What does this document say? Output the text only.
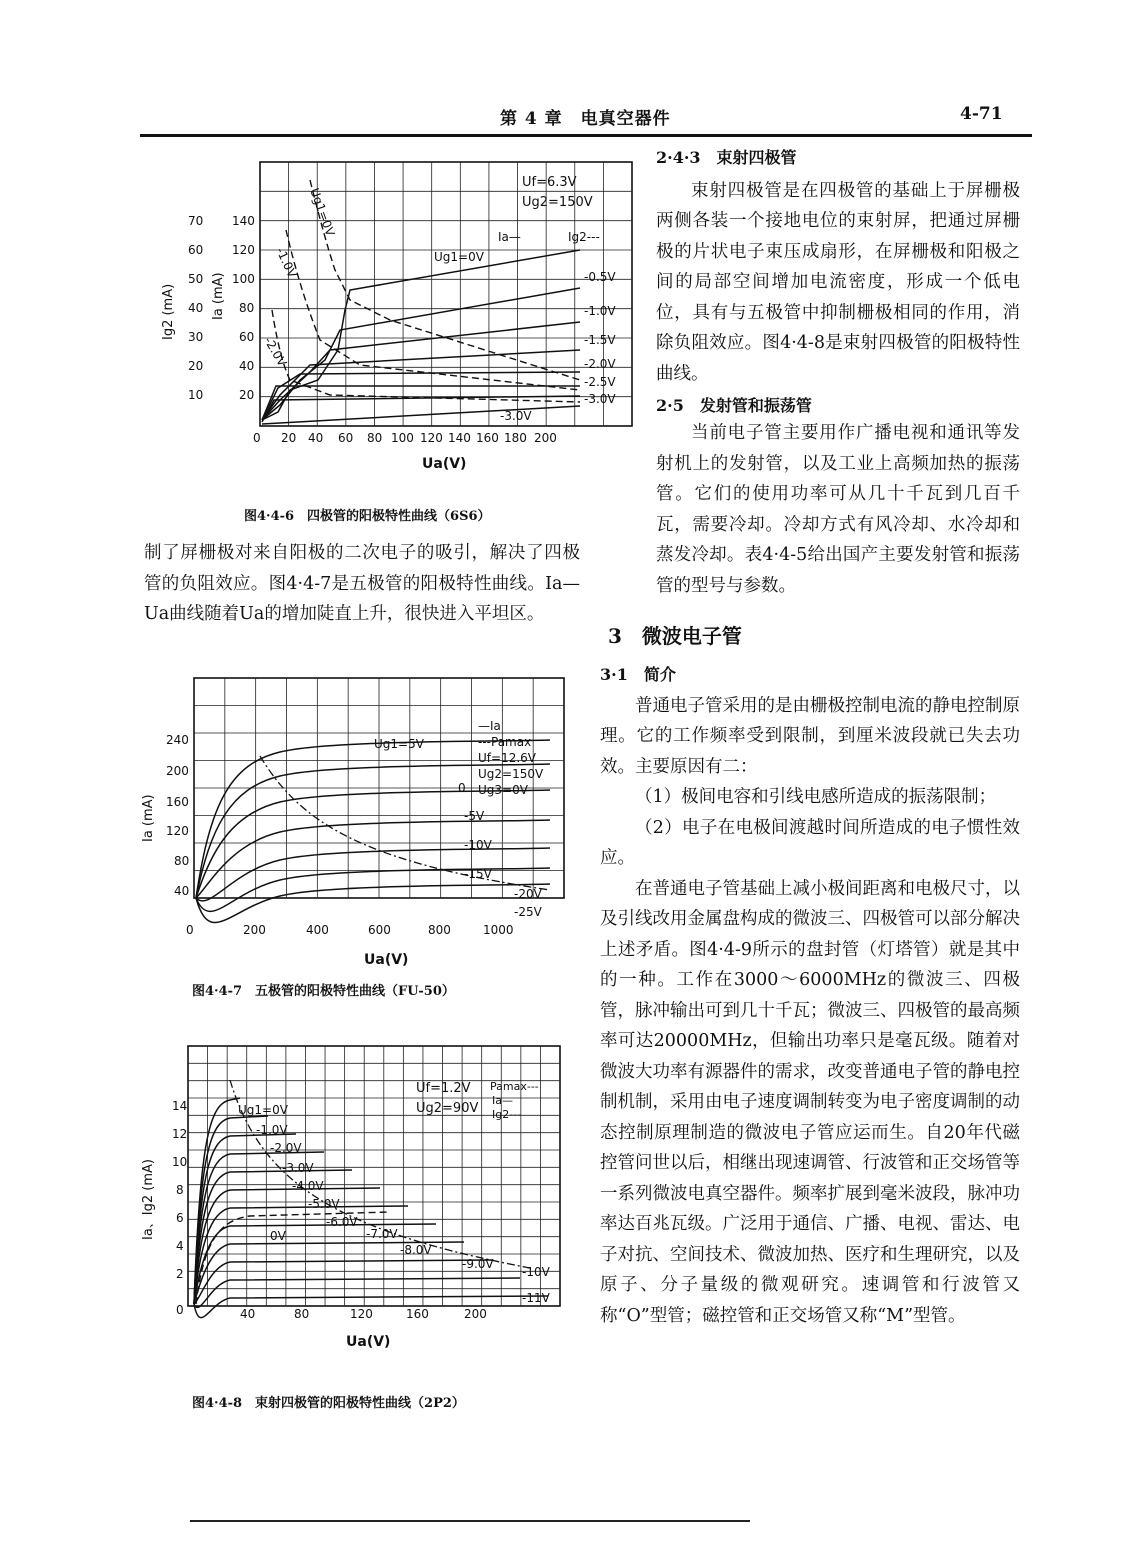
第 4 章　电真空器件	4-71
70
60
50
40
30
20
10
140
120
100
80
60
40
20
0 20 40 60 80 100 120 140 160 180 200
Ig2 (mA)	Ia (mA)
Ua(V)
Uf=6.3V
Ug2=150V
Ia—	Ig2---
Ug1=0V
-0.5V
-1.0V
-1.5V
-2.0V
-2.5V
-3.0V
-3.0V
Ug1=0V
-1.0V
-2.0V
图4·4-6　四极管的阳极特性曲线（6S6）

制了屏栅极对来自阳极的二次电子的吸引，解决了四极管的负阻效应。图4·4-7是五极管的阳极特性曲线。Ia—Ua曲线随着Ua的增加陡直上升，很快进入平坦区。

240
200
160
120
80
40
0	200	400	600	800	1000
Ia (mA)
Ua(V)
—Ia
---Pamax
Uf=12.6V
Ug2=150V
Ug3=0V
Ug1=5V
0
-5V
-10V
-15V
-20V
-25V
图4·4-7　五极管的阳极特性曲线（FU-50）
14
12
10
8
6
4
2
0	40	80	120	160	200
Ia、Ig2 (mA)
Ua(V)
Uf=1.2V
Ug2=90V
Pamax---
Ia—
Ig2---
Ug1=0V
-1.0V
-2.0V
-3.0V
-4.0V
-5.0V
-6.0V
-7.0V
-8.0V
-9.0V
-10V
-11V
0V
图4·4-8　束射四极管的阳极特性曲线（2P2）
2·4·3　束射四极管

束射四极管是在四极管的基础上于屏栅极两侧各装一个接地电位的束射屏，把通过屏栅极的片状电子束压成扇形，在屏栅极和阳极之间的局部空间增加电流密度，形成一个低电位，具有与五极管中抑制栅极相同的作用，消除负阻效应。图4·4-8是束射四极管的阳极特性曲线。

2·5　发射管和振荡管

当前电子管主要用作广播电视和通讯等发射机上的发射管，以及工业上高频加热的振荡管。它们的使用功率可从几十千瓦到几百千瓦，需要冷却。冷却方式有风冷却、水冷却和蒸发冷却。表4·4-5给出国产主要发射管和振荡管的型号与参数。

3　微波电子管
3·1　简介

普通电子管采用的是由栅极控制电流的静电控制原理。它的工作频率受到限制，到厘米波段就已失去功效。主要原因有二：

（1）极间电容和引线电感所造成的振荡限制；

（2）电子在电极间渡越时间所造成的电子惯性效应。

在普通电子管基础上减小极间距离和电极尺寸，以及引线改用金属盘构成的微波三、四极管可以部分解决上述矛盾。图4·4-9所示的盘封管（灯塔管）就是其中的一种。工作在3000～6000MHz的微波三、四极管，脉冲输出可到几十千瓦；微波三、四极管的最高频率可达20000MHz，但输出功率只是毫瓦级。随着对微波大功率有源器件的需求，改变普通电子管的静电控制机制，采用由电子速度调制转变为电子密度调制的动态控制原理制造的微波电子管应运而生。自20年代磁控管问世以后，相继出现速调管、行波管和正交场管等一系列微波电真空器件。频率扩展到毫米波段，脉冲功率达百兆瓦级。广泛用于通信、广播、电视、雷达、电子对抗、空间技术、微波加热、医疗和生理研究，以及原子、分子量级的微观研究。速调管和行波管又称“O”型管；磁控管和正交场管又称“M”型管。
